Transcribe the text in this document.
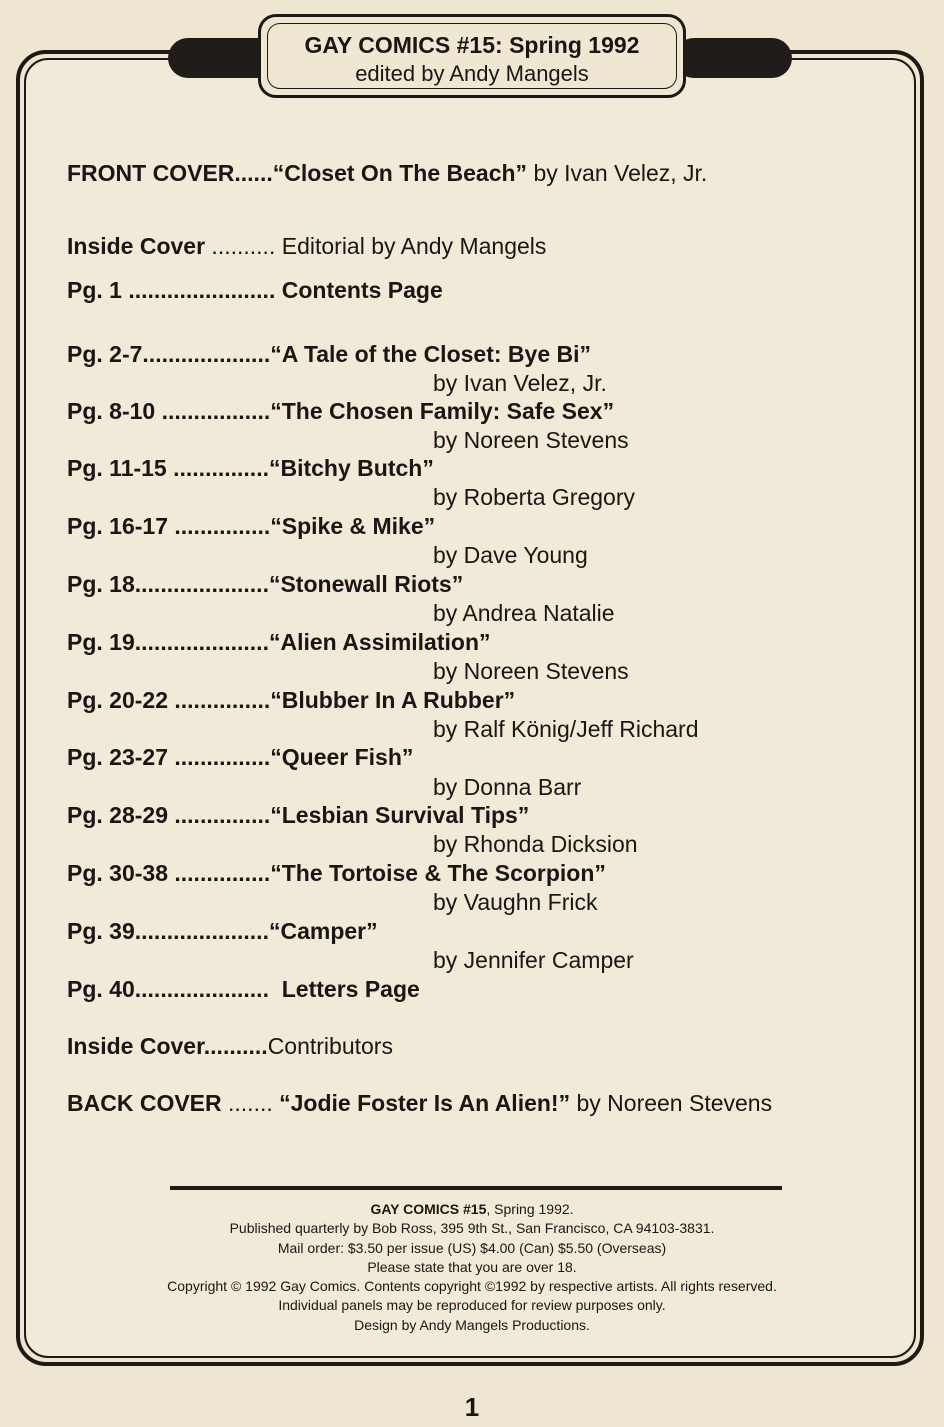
GAY COMICS #15: Spring 1992
edited by Andy Mangels
FRONT COVER......“Closet On The Beach” by Ivan Velez, Jr.
Inside Cover .......... Editorial by Andy Mangels
Pg. 1 ....................... Contents Page
Pg. 2-7....................“A Tale of the Closet: Bye Bi”
by Ivan Velez, Jr.
Pg. 8-10 .................“The Chosen Family: Safe Sex”
by Noreen Stevens
Pg. 11-15 ...............“Bitchy Butch”
by Roberta Gregory
Pg. 16-17 ...............“Spike & Mike”
by Dave Young
Pg. 18.....................“Stonewall Riots”
by Andrea Natalie
Pg. 19.....................“Alien Assimilation”
by Noreen Stevens
Pg. 20-22 ...............“Blubber In A Rubber”
by Ralf König/Jeff Richard
Pg. 23-27 ...............“Queer Fish”
by Donna Barr
Pg. 28-29 ...............“Lesbian Survival Tips”
by Rhonda Dicksion
Pg. 30-38 ...............“The Tortoise & The Scorpion”
by Vaughn Frick
Pg. 39.....................“Camper”
by Jennifer Camper
Pg. 40.....................  Letters Page
Inside Cover..........Contributors
BACK COVER ....... “Jodie Foster Is An Alien!” by Noreen Stevens
GAY COMICS #15, Spring 1992.
Published quarterly by Bob Ross, 395 9th St., San Francisco, CA 94103-3831.
Mail order: $3.50 per issue (US) $4.00 (Can) $5.50 (Overseas)
Please state that you are over 18.
Copyright © 1992 Gay Comics. Contents copyright ©1992 by respective artists. All rights reserved.
Individual panels may be reproduced for review purposes only.
Design by Andy Mangels Productions.
1
